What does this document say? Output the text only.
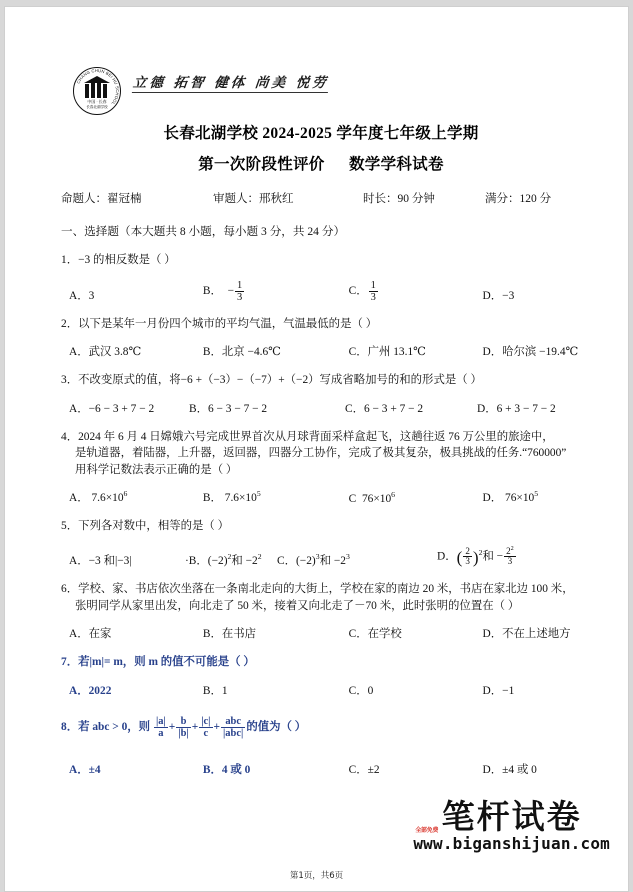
CHANG CHUN BEI HU SCHOOL
中国 · 长春
长春北湖学校
立德 拓智 健体 尚美 悦劳
长春北湖学校 2024-2025 学年度七年级上学期
第一次阶段性评价 数学学科试卷
命题人：翟冠楠	审题人：邢秋红	时长：90 分钟	满分：120 分
一、选择题（本大题共 8 小题，每小题 3 分，共 24 分）
1．−3 的相反数是（ ）
A．3	B． − $\frac{1}{3}$	C． $\frac{1}{3}$	D．−3
2．以下是某年一月份四个城市的平均气温，气温最低的是（ ）
A．武汉 3.8℃	B．北京 −4.6℃	C．广州 13.1℃	D．哈尔滨 −19.4℃
3．不改变原式的值，将−6 +（−3）−（−7）+（−2）写成省略加号的和的形式是（ ）
A．−6 − 3 + 7 − 2	B．6 − 3 − 7 − 2	C．6 − 3 + 7 − 2	D．6 + 3 − 7 − 2
4．2024 年 6 月 4 日嫦娥六号完成世界首次从月球背面采样盒起飞，这趟往返 76 万公里的旅途中，
是轨道器，着陆器，上升器，返回器，四器分工协作，完成了极其复杂，极具挑战的任务.“760000”
用科学记数法表示正确的是（ ）
A． $7.6\times 10^6$	B． $7.6\times 10^5$	C $76\times 10^6$	D． $76\times 10^5$
5．下列各对数中，相等的是（ ）
A．−3 和|−3|	·B．$(-2)^2$和 $-2^2$	C．$(-2)^3$和 $-2^3$	D．( $\frac{2}{3} )^2$和 − $\frac{2^2}{3}$
6．学校、家、书店依次坐落在一条南北走向的大街上，学校在家的南边 20 米，书店在家北边 100 米，
张明同学从家里出发，向北走了 50 米，接着又向北走了－70 米，此时张明的位置在（ ）
A．在家	B．在书店	C．在学校	D．不在上述地方
7．若|m|= m，则 m 的值不可能是（ ）
A．2022	B．1	C．0	D．−1
8．若 abc > 0，则 $\frac{|a|}{a} + \frac{b}{|b|} + \frac{|c|}{c} + \frac{\text{abc}}{\text{|abc|}}$ 的值为（ ）
A．±4	B．4 或 0	C．±2	D．±4 或 0
笔杆试卷
www.biganshijuan.com
全部免费
第1页，共6页
